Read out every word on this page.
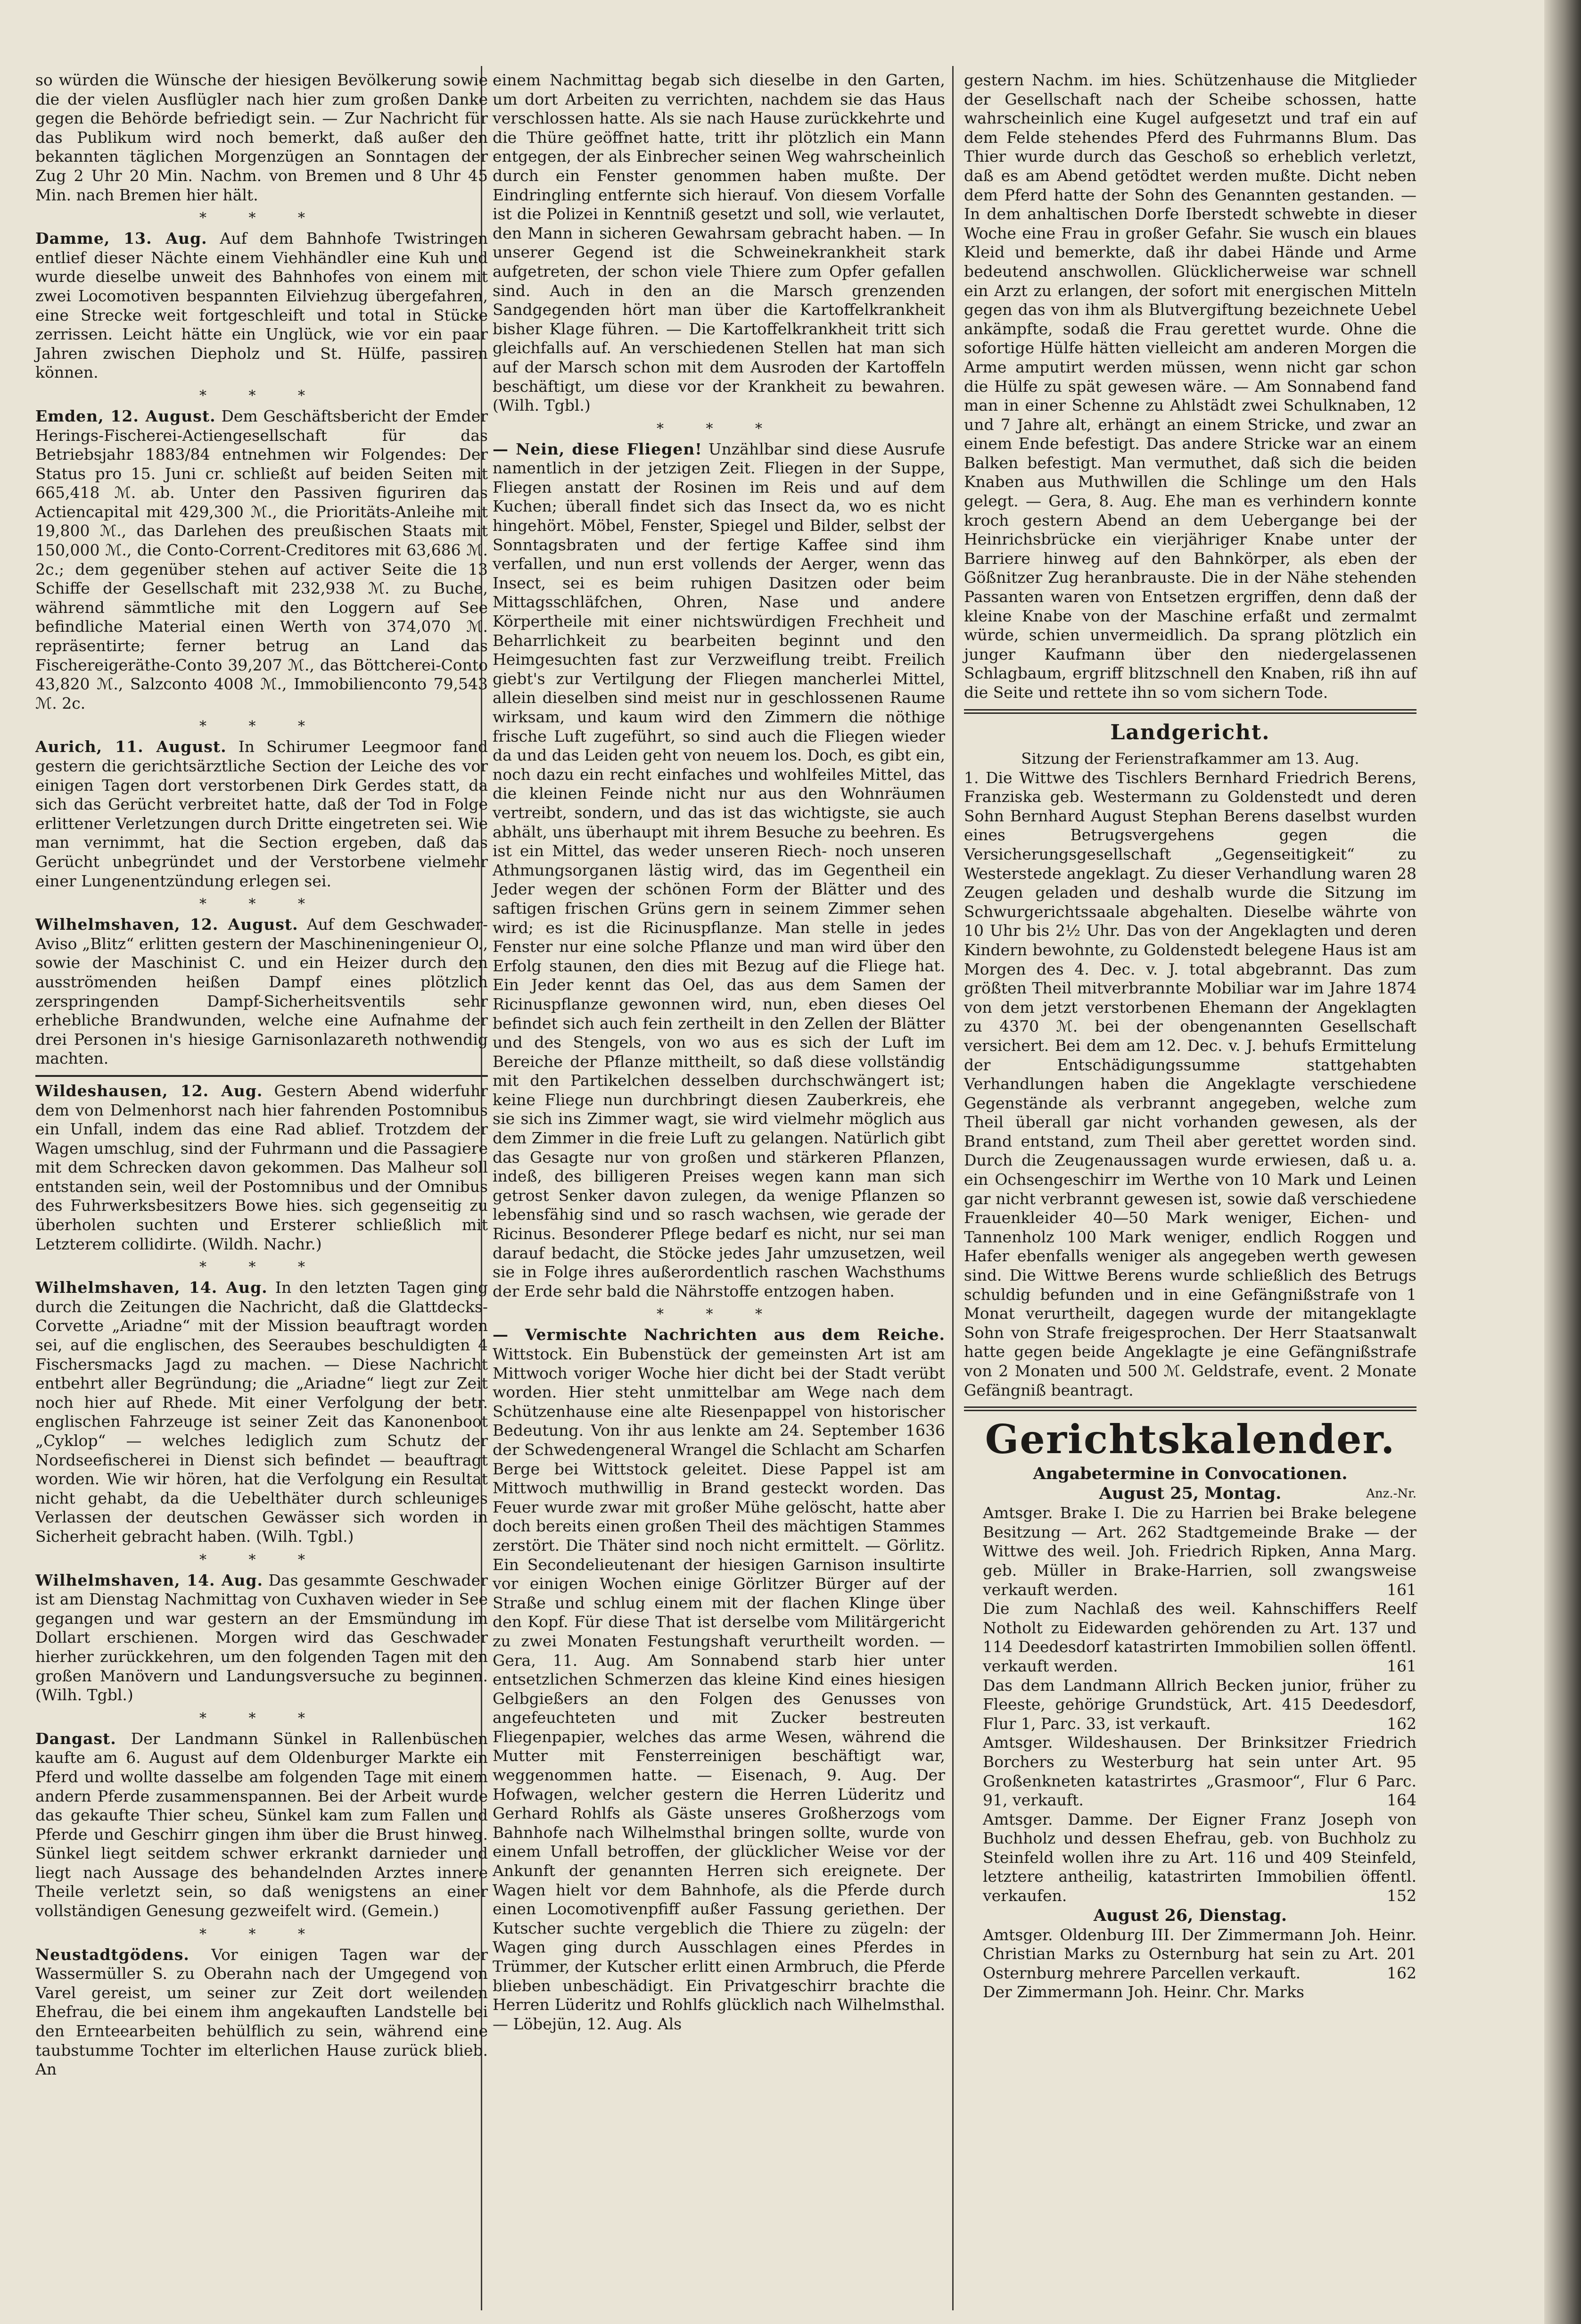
so würden die Wünsche der hiesigen Bevölkerung sowie die der vielen Ausflügler nach hier zum großen Danke gegen die Behörde befriedigt sein. — Zur Nachricht für das Publikum wird noch bemerkt, daß außer den bekannten täglichen Morgenzügen an Sonntagen der Zug 2 Uhr 20 Min. Nachm. von Bremen und 8 Uhr 45 Min. nach Bremen hier hält.

* * *

Damme, 13. Aug. Auf dem Bahnhofe Twistringen entlief dieser Nächte einem Viehhändler eine Kuh und wurde dieselbe unweit des Bahnhofes von einem mit zwei Locomotiven bespannten Eilviehzug übergefahren, eine Strecke weit fortgeschleift und total in Stücke zerrissen. Leicht hätte ein Unglück, wie vor ein paar Jahren zwischen Diepholz und St. Hülfe, passiren können.

* * *

Emden, 12. August. Dem Geschäftsbericht der Emder Herings-Fischerei-Actiengesellschaft für das Betriebsjahr 1883/84 entnehmen wir Folgendes: Der Status pro 15. Juni cr. schließt auf beiden Seiten mit 665,418 ℳ. ab. Unter den Passiven figuriren das Actiencapital mit 429,300 ℳ., die Prioritäts-Anleihe mit 19,800 ℳ., das Darlehen des preußischen Staats mit 150,000 ℳ., die Conto-Corrent-Creditores mit 63,686 ℳ. 2c.; dem gegenüber stehen auf activer Seite die 13 Schiffe der Gesellschaft mit 232,938 ℳ. zu Buche, während sämmtliche mit den Loggern auf See befindliche Material einen Werth von 374,070 ℳ. repräsentirte; ferner betrug an Land das Fischereigeräthe-Conto 39,207 ℳ., das Böttcherei-Conto 43,820 ℳ., Salzconto 4008 ℳ., Immobilienconto 79,543 ℳ. 2c.

* * *

Aurich, 11. August. In Schirumer Leegmoor fand gestern die gerichtsärztliche Section der Leiche des vor einigen Tagen dort verstorbenen Dirk Gerdes statt, da sich das Gerücht verbreitet hatte, daß der Tod in Folge erlittener Verletzungen durch Dritte eingetreten sei. Wie man vernimmt, hat die Section ergeben, daß das Gerücht unbegründet und der Verstorbene vielmehr einer Lungenentzündung erlegen sei.

* * *

Wilhelmshaven, 12. August. Auf dem Geschwader-Aviso „Blitz“ erlitten gestern der Maschineningenieur O., sowie der Maschinist C. und ein Heizer durch den ausströmenden heißen Dampf eines plötzlich zerspringenden Dampf-Sicherheitsventils sehr erhebliche Brandwunden, welche eine Aufnahme der drei Personen in's hiesige Garnisonlazareth nothwendig machten.

Wildeshausen, 12. Aug. Gestern Abend widerfuhr dem von Delmenhorst nach hier fahrenden Postomnibus ein Unfall, indem das eine Rad ablief. Trotzdem der Wagen umschlug, sind der Fuhrmann und die Passagiere mit dem Schrecken davon gekommen. Das Malheur soll entstanden sein, weil der Postomnibus und der Omnibus des Fuhrwerksbesitzers Bowe hies. sich gegenseitig zu überholen suchten und Ersterer schließlich mit Letzterem collidirte. (Wildh. Nachr.)

* * *

Wilhelmshaven, 14. Aug. In den letzten Tagen ging durch die Zeitungen die Nachricht, daß die Glattdecks-Corvette „Ariadne“ mit der Mission beauftragt worden sei, auf die englischen, des Seeraubes beschuldigten 4 Fischersmacks Jagd zu machen. — Diese Nachricht entbehrt aller Begründung; die „Ariadne“ liegt zur Zeit noch hier auf Rhede. Mit einer Verfolgung der betr. englischen Fahrzeuge ist seiner Zeit das Kanonenboot „Cyklop“ — welches lediglich zum Schutz der Nordseefischerei in Dienst sich befindet — beauftragt worden. Wie wir hören, hat die Verfolgung ein Resultat nicht gehabt, da die Uebelthäter durch schleuniges Verlassen der deutschen Gewässer sich worden in Sicherheit gebracht haben. (Wilh. Tgbl.)

* * *

Wilhelmshaven, 14. Aug. Das gesammte Geschwader ist am Dienstag Nachmittag von Cuxhaven wieder in See gegangen und war gestern an der Emsmündung im Dollart erschienen. Morgen wird das Geschwader hierher zurückkehren, um den folgenden Tagen mit den großen Manövern und Landungsversuche zu beginnen. (Wilh. Tgbl.)

* * *

Dangast. Der Landmann Sünkel in Rallenbüschen kaufte am 6. August auf dem Oldenburger Markte ein Pferd und wollte dasselbe am folgenden Tage mit einem andern Pferde zusammenspannen. Bei der Arbeit wurde das gekaufte Thier scheu, Sünkel kam zum Fallen und Pferde und Geschirr gingen ihm über die Brust hinweg. Sünkel liegt seitdem schwer erkrankt darnieder und liegt nach Aussage des behandelnden Arztes innere Theile verletzt sein, so daß wenigstens an einer vollständigen Genesung gezweifelt wird. (Gemein.)

* * *

Neustadtgödens. Vor einigen Tagen war der Wassermüller S. zu Oberahn nach der Umgegend von Varel gereist, um seiner zur Zeit dort weilenden Ehefrau, die bei einem ihm angekauften Landstelle bei den Ernteearbeiten behülflich zu sein, während eine taubstumme Tochter im elterlichen Hause zurück blieb. An

einem Nachmittag begab sich dieselbe in den Garten, um dort Arbeiten zu verrichten, nachdem sie das Haus verschlossen hatte. Als sie nach Hause zurückkehrte und die Thüre geöffnet hatte, tritt ihr plötzlich ein Mann entgegen, der als Einbrecher seinen Weg wahrscheinlich durch ein Fenster genommen haben mußte. Der Eindringling entfernte sich hierauf. Von diesem Vorfalle ist die Polizei in Kenntniß gesetzt und soll, wie verlautet, den Mann in sicheren Gewahrsam gebracht haben. — In unserer Gegend ist die Schweinekrankheit stark aufgetreten, der schon viele Thiere zum Opfer gefallen sind. Auch in den an die Marsch grenzenden Sandgegenden hört man über die Kartoffelkrankheit bisher Klage führen. — Die Kartoffelkrankheit tritt sich gleichfalls auf. An verschiedenen Stellen hat man sich auf der Marsch schon mit dem Ausroden der Kartoffeln beschäftigt, um diese vor der Krankheit zu bewahren. (Wilh. Tgbl.)

* * *

— Nein, diese Fliegen! Unzählbar sind diese Ausrufe namentlich in der jetzigen Zeit. Fliegen in der Suppe, Fliegen anstatt der Rosinen im Reis und auf dem Kuchen; überall findet sich das Insect da, wo es nicht hingehört. Möbel, Fenster, Spiegel und Bilder, selbst der Sonntagsbraten und der fertige Kaffee sind ihm verfallen, und nun erst vollends der Aerger, wenn das Insect, sei es beim ruhigen Dasitzen oder beim Mittagsschläfchen, Ohren, Nase und andere Körpertheile mit einer nichtswürdigen Frechheit und Beharrlichkeit zu bearbeiten beginnt und den Heimgesuchten fast zur Verzweiflung treibt. Freilich giebt's zur Vertilgung der Fliegen mancherlei Mittel, allein dieselben sind meist nur in geschlossenen Raume wirksam, und kaum wird den Zimmern die nöthige frische Luft zugeführt, so sind auch die Fliegen wieder da und das Leiden geht von neuem los. Doch, es gibt ein, noch dazu ein recht einfaches und wohlfeiles Mittel, das die kleinen Feinde nicht nur aus den Wohnräumen vertreibt, sondern, und das ist das wichtigste, sie auch abhält, uns überhaupt mit ihrem Besuche zu beehren. Es ist ein Mittel, das weder unseren Riech- noch unseren Athmungsorganen lästig wird, das im Gegentheil ein Jeder wegen der schönen Form der Blätter und des saftigen frischen Grüns gern in seinem Zimmer sehen wird; es ist die Ricinuspflanze. Man stelle in jedes Fenster nur eine solche Pflanze und man wird über den Erfolg staunen, den dies mit Bezug auf die Fliege hat. Ein Jeder kennt das Oel, das aus dem Samen der Ricinuspflanze gewonnen wird, nun, eben dieses Oel befindet sich auch fein zertheilt in den Zellen der Blätter und des Stengels, von wo aus es sich der Luft im Bereiche der Pflanze mittheilt, so daß diese vollständig mit den Partikelchen desselben durchschwängert ist; keine Fliege nun durchbringt diesen Zauberkreis, ehe sie sich ins Zimmer wagt, sie wird vielmehr möglich aus dem Zimmer in die freie Luft zu gelangen. Natürlich gibt das Gesagte nur von großen und stärkeren Pflanzen, indeß, des billigeren Preises wegen kann man sich getrost Senker davon zulegen, da wenige Pflanzen so lebensfähig sind und so rasch wachsen, wie gerade der Ricinus. Besonderer Pflege bedarf es nicht, nur sei man darauf bedacht, die Stöcke jedes Jahr umzusetzen, weil sie in Folge ihres außerordentlich raschen Wachsthums der Erde sehr bald die Nährstoffe entzogen haben.

* * *

— Vermischte Nachrichten aus dem Reiche. Wittstock. Ein Bubenstück der gemeinsten Art ist am Mittwoch voriger Woche hier dicht bei der Stadt verübt worden. Hier steht unmittelbar am Wege nach dem Schützenhause eine alte Riesenpappel von historischer Bedeutung. Von ihr aus lenkte am 24. September 1636 der Schwedengeneral Wrangel die Schlacht am Scharfen Berge bei Wittstock geleitet. Diese Pappel ist am Mittwoch muthwillig in Brand gesteckt worden. Das Feuer wurde zwar mit großer Mühe gelöscht, hatte aber doch bereits einen großen Theil des mächtigen Stammes zerstört. Die Thäter sind noch nicht ermittelt. — Görlitz. Ein Secondelieutenant der hiesigen Garnison insultirte vor einigen Wochen einige Görlitzer Bürger auf der Straße und schlug einem mit der flachen Klinge über den Kopf. Für diese That ist derselbe vom Militärgericht zu zwei Monaten Festungshaft verurtheilt worden. — Gera, 11. Aug. Am Sonnabend starb hier unter entsetzlichen Schmerzen das kleine Kind eines hiesigen Gelbgießers an den Folgen des Genusses von angefeuchteten und mit Zucker bestreuten Fliegenpapier, welches das arme Wesen, während die Mutter mit Fensterreinigen beschäftigt war, weggenommen hatte. — Eisenach, 9. Aug. Der Hofwagen, welcher gestern die Herren Lüderitz und Gerhard Rohlfs als Gäste unseres Großherzogs vom Bahnhofe nach Wilhelmsthal bringen sollte, wurde von einem Unfall betroffen, der glücklicher Weise vor der Ankunft der genannten Herren sich ereignete. Der Wagen hielt vor dem Bahnhofe, als die Pferde durch einen Locomotivenpfiff außer Fassung geriethen. Der Kutscher suchte vergeblich die Thiere zu zügeln: der Wagen ging durch Ausschlagen eines Pferdes in Trümmer, der Kutscher erlitt einen Armbruch, die Pferde blieben unbeschädigt. Ein Privatgeschirr brachte die Herren Lüderitz und Rohlfs glücklich nach Wilhelmsthal. — Löbejün, 12. Aug. Als

gestern Nachm. im hies. Schützenhause die Mitglieder der Gesellschaft nach der Scheibe schossen, hatte wahrscheinlich eine Kugel aufgesetzt und traf ein auf dem Felde stehendes Pferd des Fuhrmanns Blum. Das Thier wurde durch das Geschoß so erheblich verletzt, daß es am Abend getödtet werden mußte. Dicht neben dem Pferd hatte der Sohn des Genannten gestanden. — In dem anhaltischen Dorfe Iberstedt schwebte in dieser Woche eine Frau in großer Gefahr. Sie wusch ein blaues Kleid und bemerkte, daß ihr dabei Hände und Arme bedeutend anschwollen. Glücklicherweise war schnell ein Arzt zu erlangen, der sofort mit energischen Mitteln gegen das von ihm als Blutvergiftung bezeichnete Uebel ankämpfte, sodaß die Frau gerettet wurde. Ohne die sofortige Hülfe hätten vielleicht am anderen Morgen die Arme amputirt werden müssen, wenn nicht gar schon die Hülfe zu spät gewesen wäre. — Am Sonnabend fand man in einer Schenne zu Ahlstädt zwei Schulknaben, 12 und 7 Jahre alt, erhängt an einem Stricke, und zwar an einem Ende befestigt. Das andere Stricke war an einem Balken befestigt. Man vermuthet, daß sich die beiden Knaben aus Muthwillen die Schlinge um den Hals gelegt. — Gera, 8. Aug. Ehe man es verhindern konnte kroch gestern Abend an dem Uebergange bei der Heinrichsbrücke ein vierjähriger Knabe unter der Barriere hinweg auf den Bahnkörper, als eben der Gößnitzer Zug heranbrauste. Die in der Nähe stehenden Passanten waren von Entsetzen ergriffen, denn daß der kleine Knabe von der Maschine erfaßt und zermalmt würde, schien unvermeidlich. Da sprang plötzlich ein junger Kaufmann über den niedergelassenen Schlagbaum, ergriff blitzschnell den Knaben, riß ihn auf die Seite und rettete ihn so vom sichern Tode.

Landgericht.
Sitzung der Ferienstrafkammer am 13. Aug.

1. Die Wittwe des Tischlers Bernhard Friedrich Berens, Franziska geb. Westermann zu Goldenstedt und deren Sohn Bernhard August Stephan Berens daselbst wurden eines Betrugsvergehens gegen die Versicherungsgesellschaft „Gegenseitigkeit“ zu Westerstede angeklagt. Zu dieser Verhandlung waren 28 Zeugen geladen und deshalb wurde die Sitzung im Schwurgerichtssaale abgehalten. Dieselbe währte von 10 Uhr bis 2½ Uhr. Das von der Angeklagten und deren Kindern bewohnte, zu Goldenstedt belegene Haus ist am Morgen des 4. Dec. v. J. total abgebrannt. Das zum größten Theil mitverbrannte Mobiliar war im Jahre 1874 von dem jetzt verstorbenen Ehemann der Angeklagten zu 4370 ℳ. bei der obengenannten Gesellschaft versichert. Bei dem am 12. Dec. v. J. behufs Ermittelung der Entschädigungssumme stattgehabten Verhandlungen haben die Angeklagte verschiedene Gegenstände als verbrannt angegeben, welche zum Theil überall gar nicht vorhanden gewesen, als der Brand entstand, zum Theil aber gerettet worden sind. Durch die Zeugenaussagen wurde erwiesen, daß u. a. ein Ochsengeschirr im Werthe von 10 Mark und Leinen gar nicht verbrannt gewesen ist, sowie daß verschiedene Frauenkleider 40—50 Mark weniger, Eichen- und Tannenholz 100 Mark weniger, endlich Roggen und Hafer ebenfalls weniger als angegeben werth gewesen sind. Die Wittwe Berens wurde schließlich des Betrugs schuldig befunden und in eine Gefängnißstrafe von 1 Monat verurtheilt, dagegen wurde der mitangeklagte Sohn von Strafe freigesprochen. Der Herr Staatsanwalt hatte gegen beide Angeklagte je eine Gefängnißstrafe von 2 Monaten und 500 ℳ. Geldstrafe, event. 2 Monate Gefängniß beantragt.

Gerichtskalender.
Angabetermine in Convocationen.
August 25, Montag.	Anz.-Nr.
Amtsger. Brake I. Die zu Harrien bei Brake belegene Besitzung — Art. 262 Stadtgemeinde Brake — der Wittwe des weil. Joh. Friedrich Ripken, Anna Marg. geb. Müller in Brake-Harrien, soll zwangsweise verkauft werden.	161
Die zum Nachlaß des weil. Kahnschiffers Reelf Notholt zu Eidewarden gehörenden zu Art. 137 und 114 Deedesdorf katastrirten Immobilien sollen öffentl. verkauft werden.	161
Das dem Landmann Allrich Becken junior, früher zu Fleeste, gehörige Grundstück, Art. 415 Deedesdorf, Flur 1, Parc. 33, ist verkauft.	162
Amtsger. Wildeshausen. Der Brinksitzer Friedrich Borchers zu Westerburg hat sein unter Art. 95 Großenkneten katastrirtes „Grasmoor“, Flur 6 Parc. 91, verkauft.	164
Amtsger. Damme. Der Eigner Franz Joseph von Buchholz und dessen Ehefrau, geb. von Buchholz zu Steinfeld wollen ihre zu Art. 116 und 409 Steinfeld, letztere antheilig, katastrirten Immobilien öffentl. verkaufen.	152
August 26, Dienstag.
Amtsger. Oldenburg III. Der Zimmermann Joh. Heinr. Christian Marks zu Osternburg hat sein zu Art. 201 Osternburg mehrere Parcellen verkauft.	162
Der Zimmermann Joh. Heinr. Chr. Marks
